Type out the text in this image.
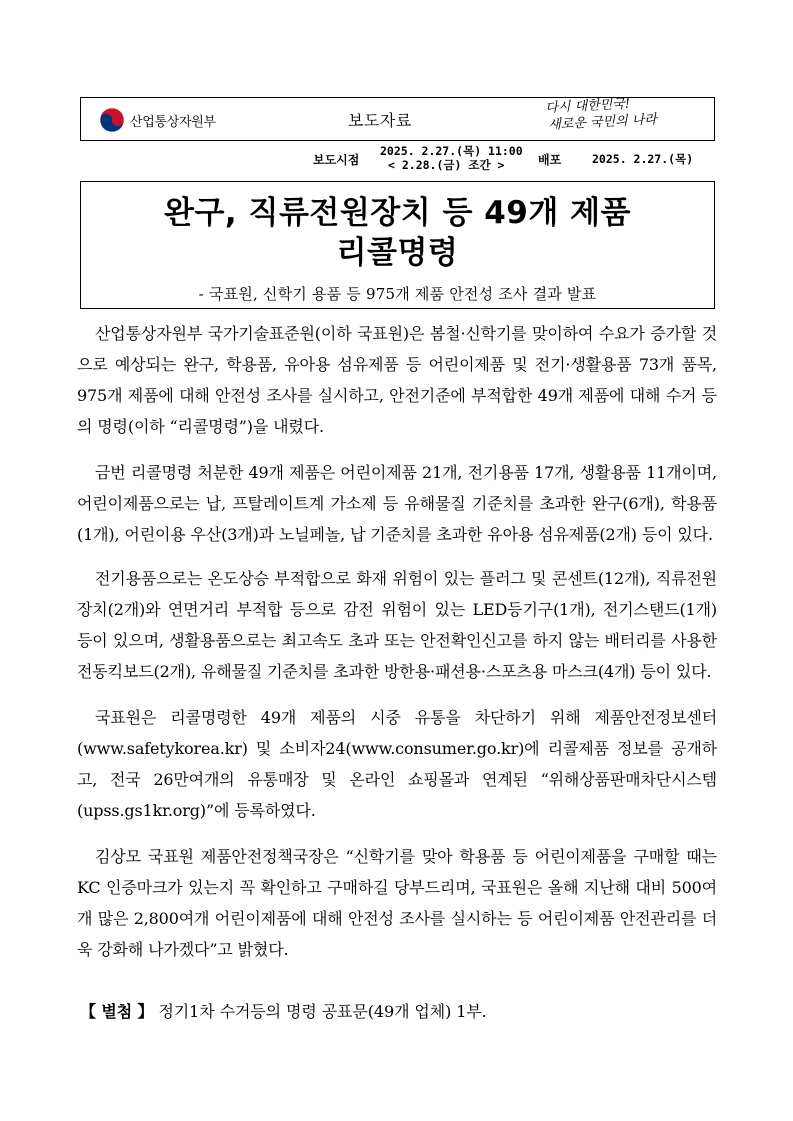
산업통상자원부	보도자료
다시 대한민국!
새로운 국민의 나라
보도시점
2025. 2.27.(목) 11:00
< 2.28.(금) 조간 >	배포	2025. 2.27.(목)
완구, 직류전원장치 등 49개 제품
리콜명령
- 국표원, 신학기 용품 등 975개 제품 안전성 조사 결과 발표

산업통상자원부 국가기술표준원(이하 국표원)은 봄철·신학기를 맞이하여 수요가 증가할 것으로 예상되는 완구, 학용품, 유아용 섬유제품 등 어린이제품 및 전기·생활용품 73개 품목, 975개 제품에 대해 안전성 조사를 실시하고, 안전기준에 부적합한 49개 제품에 대해 수거 등의 명령(이하 “리콜명령”)을 내렸다.

금번 리콜명령 처분한 49개 제품은 어린이제품 21개, 전기용품 17개, 생활용품 11개이며, 어린이제품으로는 납, 프탈레이트계 가소제 등 유해물질 기준치를 초과한 완구(6개), 학용품(1개), 어린이용 우산(3개)과 노닐페놀, 납 기준치를 초과한 유아용 섬유제품(2개) 등이 있다.

전기용품으로는 온도상승 부적합으로 화재 위험이 있는 플러그 및 콘센트(12개), 직류전원장치(2개)와 연면거리 부적합 등으로 감전 위험이 있는 LED등기구(1개), 전기스탠드(1개) 등이 있으며, 생활용품으로는 최고속도 초과 또는 안전확인신고를 하지 않는 배터리를 사용한 전동킥보드(2개), 유해물질 기준치를 초과한 방한용·패션용·스포츠용 마스크(4개) 등이 있다.

국표원은 리콜명령한 49개 제품의 시중 유통을 차단하기 위해 제품안전정보센터(www.safetykorea.kr) 및 소비자24(www.consumer.go.kr)에 리콜제품 정보를 공개하고, 전국 26만여개의 유통매장 및 온라인 쇼핑몰과 연계된 “위해상품판매차단시스템(upss.gs1kr.org)”에 등록하였다.

김상모 국표원 제품안전정책국장은 “신학기를 맞아 학용품 등 어린이제품을 구매할 때는 KC 인증마크가 있는지 꼭 확인하고 구매하길 당부드리며, 국표원은 올해 지난해 대비 500여개 많은 2,800여개 어린이제품에 대해 안전성 조사를 실시하는 등 어린이제품 안전관리를 더욱 강화해 나가겠다”고 밝혔다.

【 별첨 】 정기1차 수거등의 명령 공표문(49개 업체) 1부.
